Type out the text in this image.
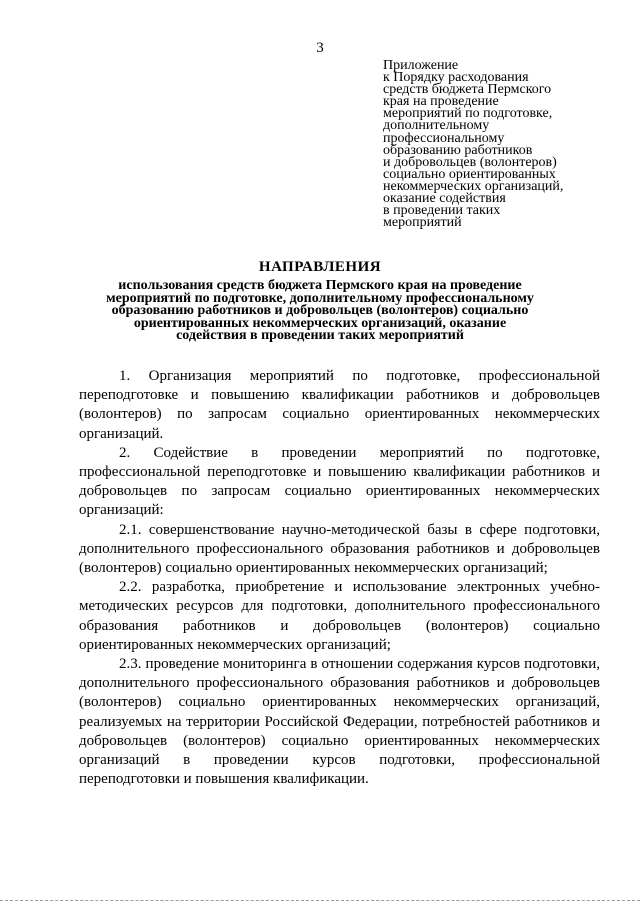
3
Приложение
к Порядку расходования
средств бюджета Пермского
края на проведение
мероприятий по подготовке,
дополнительному
профессиональному
образованию работников
и добровольцев (волонтеров)
социально ориентированных
некоммерческих организаций,
оказание содействия
в проведении таких
мероприятий
НАПРАВЛЕНИЯ
использования средств бюджета Пермского края на проведение
мероприятий по подготовке, дополнительному профессиональному
образованию работников и добровольцев (волонтеров) социально
ориентированных некоммерческих организаций, оказание
содействия в проведении таких мероприятий

1. Организация мероприятий по подготовке, профессиональной переподготовке и повышению квалификации работников и добровольцев (волонтеров) по запросам социально ориентированных некоммерческих организаций.

2. Содействие в проведении мероприятий по подготовке, профессиональной переподготовке и повышению квалификации работников и добровольцев по запросам социально ориентированных некоммерческих организаций:

2.1. совершенствование научно-методической базы в сфере подготовки, дополнительного профессионального образования работников и добровольцев (волонтеров) социально ориентированных некоммерческих организаций;

2.2. разработка, приобретение и использование электронных учебно-методических ресурсов для подготовки, дополнительного профессионального образования работников и добровольцев (волонтеров) социально ориентированных некоммерческих организаций;

2.3. проведение мониторинга в отношении содержания курсов подготовки, дополнительного профессионального образования работников и добровольцев (волонтеров) социально ориентированных некоммерческих организаций, реализуемых на территории Российской Федерации, потребностей работников и добровольцев (волонтеров) социально ориентированных некоммерческих организаций в проведении курсов подготовки, профессиональной переподготовки и повышения квалификации.
